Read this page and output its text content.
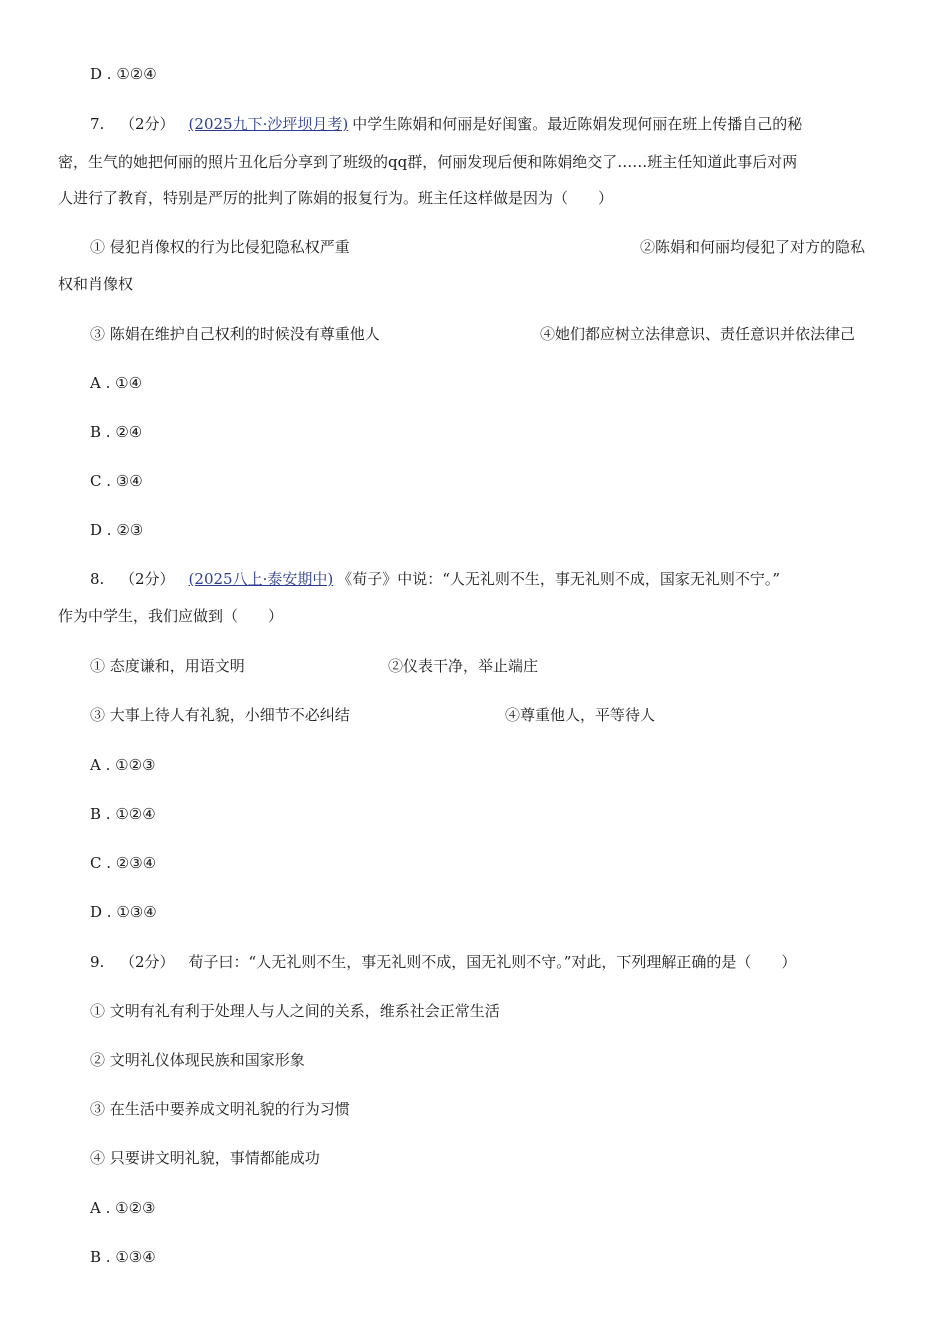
D . ①②④
7. （2分） (2025九下·沙坪坝月考) 中学生陈娟和何丽是好闺蜜。最近陈娟发现何丽在班上传播自己的秘
密，生气的她把何丽的照片丑化后分享到了班级的qq群，何丽发现后便和陈娟绝交了……班主任知道此事后对两
人进行了教育，特别是严厉的批判了陈娟的报复行为。班主任这样做是因为（　　）
① 侵犯肖像权的行为比侵犯隐私权严重	②陈娟和何丽均侵犯了对方的隐私
权和肖像权
③ 陈娟在维护自己权利的时候没有尊重他人	④她们都应树立法律意识、责任意识并依法律己
A . ①④
B . ②④
C . ③④
D . ②③
8. （2分） (2025八上·泰安期中) 《荀子》中说：“人无礼则不生，事无礼则不成，国家无礼则不宁。”
作为中学生，我们应做到（　　）
① 态度谦和，用语文明	②仪表干净，举止端庄
③ 大事上待人有礼貌，小细节不必纠结	④尊重他人，平等待人
A . ①②③
B . ①②④
C . ②③④
D . ①③④
9. （2分） 荀子曰：“人无礼则不生，事无礼则不成，国无礼则不守。”对此，下列理解正确的是（　　）
① 文明有礼有利于处理人与人之间的关系，维系社会正常生活
② 文明礼仪体现民族和国家形象
③ 在生活中要养成文明礼貌的行为习惯
④ 只要讲文明礼貌，事情都能成功
A . ①②③
B . ①③④
